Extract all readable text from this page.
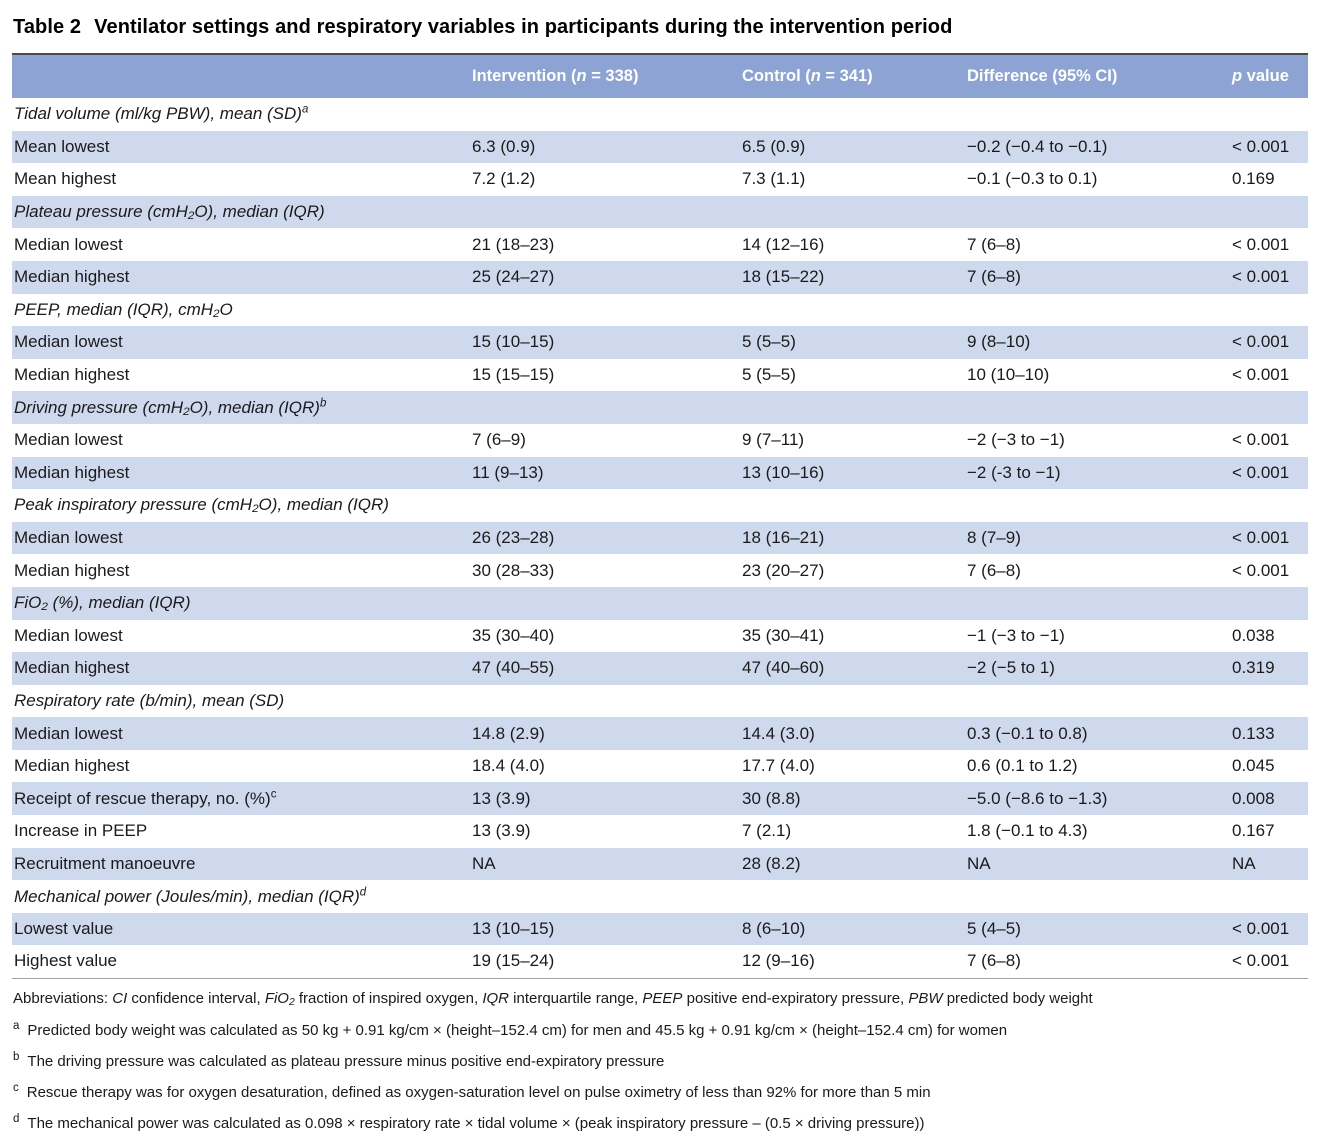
Table 2 Ventilator settings and respiratory variables in participants during the intervention period
	Intervention (n = 338)	Control (n = 341)	Difference (95% CI)	p value
Tidal volume (ml/kg PBW), mean (SD)$^a$
Mean lowest	6.3 (0.9)	6.5 (0.9)	−0.2 (−0.4 to −0.1)	< 0.001
Mean highest	7.2 (1.2)	7.3 (1.1)	−0.1 (−0.3 to 0.1)	0.169
Plateau pressure (cmH₂O), median (IQR)				
Median lowest	21 (18–23)	14 (12–16)	7 (6–8)	< 0.001
Median highest	25 (24–27)	18 (15–22)	7 (6–8)	< 0.001
PEEP, median (IQR), cmH₂O				
Median lowest	15 (10–15)	5 (5–5)	9 (8–10)	< 0.001
Median highest	15 (15–15)	5 (5–5)	10 (10–10)	< 0.001
Driving pressure (cmH₂O), median (IQR)$^b$
Median lowest	7 (6–9)	9 (7–11)	−2 (−3 to −1)	< 0.001
Median highest	11 (9–13)	13 (10–16)	−2 (-3 to −1)	< 0.001
Peak inspiratory pressure (cmH₂O), median (IQR)				
Median lowest	26 (23–28)	18 (16–21)	8 (7–9)	< 0.001
Median highest	30 (28–33)	23 (20–27)	7 (6–8)	< 0.001
FiO₂ (%), median (IQR)				
Median lowest	35 (30–40)	35 (30–41)	−1 (−3 to −1)	0.038
Median highest	47 (40–55)	47 (40–60)	−2 (−5 to 1)	0.319
Respiratory rate (b/min), mean (SD)				
Median lowest	14.8 (2.9)	14.4 (3.0)	0.3 (−0.1 to 0.8)	0.133
Median highest	18.4 (4.0)	17.7 (4.0)	0.6 (0.1 to 1.2)	0.045
Receipt of rescue therapy, no. (%)$^c$	13 (3.9)	30 (8.8)	−5.0 (−8.6 to −1.3)	0.008
Increase in PEEP	13 (3.9)	7 (2.1)	1.8 (−0.1 to 4.3)	0.167
Recruitment manoeuvre	NA	28 (8.2)	NA	NA
Mechanical power (Joules/min), median (IQR)$^d$
Lowest value	13 (10–15)	8 (6–10)	5 (4–5)	< 0.001
Highest value	19 (15–24)	12 (9–16)	7 (6–8)	< 0.001

Abbreviations: CI confidence interval, FiO₂ fraction of inspired oxygen, IQR interquartile range, PEEP positive end-expiratory pressure, PBW predicted body weight

$^a$ Predicted body weight was calculated as 50 kg + 0.91 kg/cm × (height–152.4 cm) for men and 45.5 kg + 0.91 kg/cm × (height–152.4 cm) for women

$^b$ The driving pressure was calculated as plateau pressure minus positive end-expiratory pressure

$^c$ Rescue therapy was for oxygen desaturation, defined as oxygen-saturation level on pulse oximetry of less than 92% for more than 5 min

$^d$ The mechanical power was calculated as 0.098 × respiratory rate × tidal volume × (peak inspiratory pressure – (0.5 × driving pressure))
